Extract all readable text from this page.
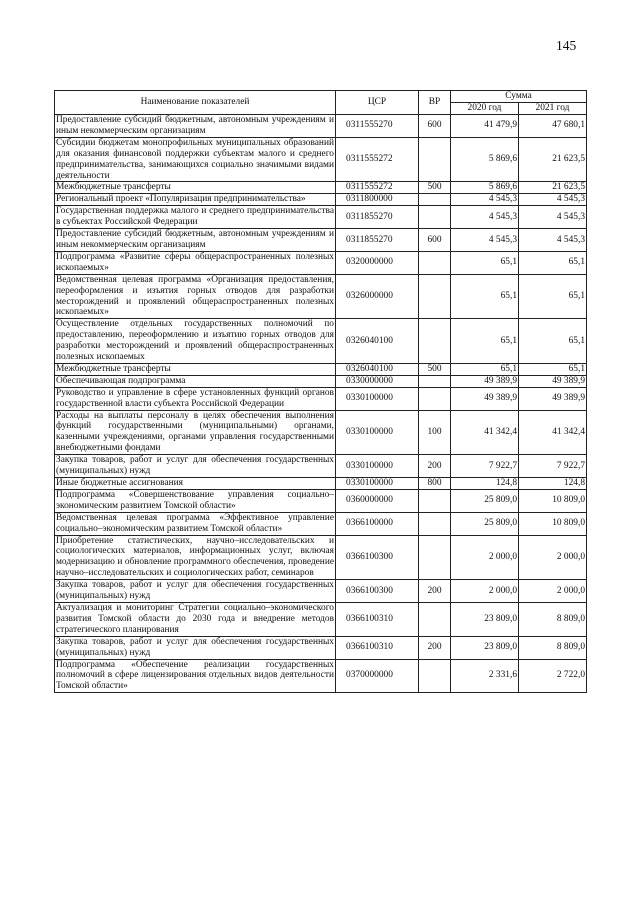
145
Наименование показателей	ЦСР	ВР	Сумма	
			2020 год	2021 год
Предоставление субсидий бюджетным, автономным учреждениям и иным некоммерческим организациям	0311555270	600	41 479,9	47 680,1
Субсидии бюджетам монопрофильных муниципальных образований для оказания финансовой поддержки субъектам малого и среднего предпринимательства, занимающихся социально значимыми видами деятельности	0311555272		5 869,6	21 623,5
Межбюджетные трансферты	0311555272	500	5 869,6	21 623,5
Региональный проект «Популяризация предпринимательства»	0311800000		4 545,3	4 545,3
Государственная поддержка малого и среднего предпринимательства в субъектах Российской Федерации	0311855270		4 545,3	4 545,3
Предоставление субсидий бюджетным, автономным учреждениям и иным некоммерческим организациям	0311855270	600	4 545,3	4 545,3
Подпрограмма «Развитие сферы общераспространенных полезных ископаемых»	0320000000		65,1	65,1
Ведомственная целевая программа «Организация предоставления, переоформления и изъятия горных отводов для разработки месторождений и проявлений общераспространенных полезных ископаемых»	0326000000		65,1	65,1
Осуществление отдельных государственных полномочий по предоставлению, переоформлению и изъятию горных отводов для разработки месторождений и проявлений общераспространенных полезных ископаемых	0326040100		65,1	65,1
Межбюджетные трансферты	0326040100	500	65,1	65,1
Обеспечивающая подпрограмма	0330000000		49 389,9	49 389,9
Руководство и управление в сфере установленных функций органов государственной власти субъекта Российской Федерации	0330100000		49 389,9	49 389,9
Расходы на выплаты персоналу в целях обеспечения выполнения функций государственными (муниципальными) органами, казенными учреждениями, органами управления государственными внебюджетными фондами	0330100000	100	41 342,4	41 342,4
Закупка товаров, работ и услуг для обеспечения государственных (муниципальных) нужд	0330100000	200	7 922,7	7 922,7
Иные бюджетные ассигнования	0330100000	800	124,8	124,8
Подпрограмма «Совершенствование управления социально–экономическим развитием Томской области»	0360000000		25 809,0	10 809,0
Ведомственная целевая программа «Эффективное управление социально–экономическим развитием Томской области»	0366100000		25 809,0	10 809,0
Приобретение статистических, научно–исследовательских и социологических материалов, информационных услуг, включая модернизацию и обновление программного обеспечения, проведение научно–исследовательских и социологических работ, семинаров	0366100300		2 000,0	2 000,0
Закупка товаров, работ и услуг для обеспечения государственных (муниципальных) нужд	0366100300	200	2 000,0	2 000,0
Актуализация и мониторинг Стратегии социально–экономического развития Томской области до 2030 года и внедрение методов стратегического планирования	0366100310		23 809,0	8 809,0
Закупка товаров, работ и услуг для обеспечения государственных (муниципальных) нужд	0366100310	200	23 809,0	8 809,0
Подпрограмма «Обеспечение реализации государственных полномочий в сфере лицензирования отдельных видов деятельности Томской области»	0370000000		2 331,6	2 722,0
